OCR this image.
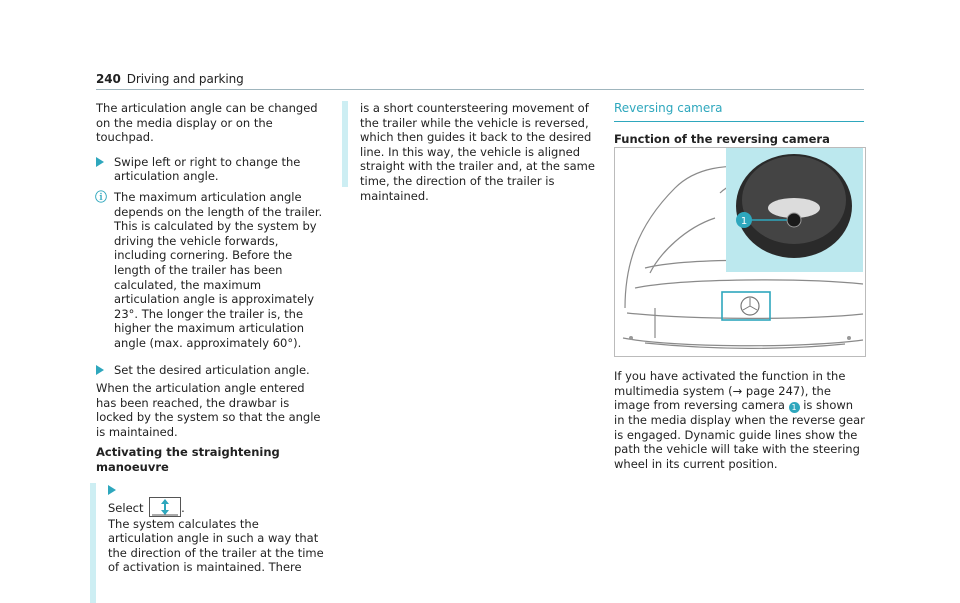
240 Driving and parking

The articulation angle can be changed on the media display or on the touchpad.

Swipe left or right to change the articulation angle.
ⓘ The maximum articulation angle depends on the length of the trailer. This is calculated by the system by driving the vehicle forwards, including cornering. Before the length of the trailer has been calculated, the maximum articulation angle is approximately 23°. The longer the trailer is, the higher the maximum articulation angle (max. approximately 60°).
Set the desired articulation angle.

When the articulation angle entered has been reached, the drawbar is locked by the system so that the angle is maintained.

Activating the straightening manoeuvre

Select	.

The system calculates the articulation angle in such a way that the direction of the trailer at the time of activation is maintained. There

is a short countersteering movement of the trailer while the vehicle is reversed, which then guides it back to the desired line. In this way, the vehicle is aligned straight with the trailer and, at the same time, the direction of the trailer is maintained.

Reversing camera
Function of the reversing camera
1
If you have activated the function in the multimedia system (→ page 247), the image from reversing camera 1 is shown in the media display when the reverse gear is engaged. Dynamic guide lines show the path the vehicle will take with the steering wheel in its current position.
